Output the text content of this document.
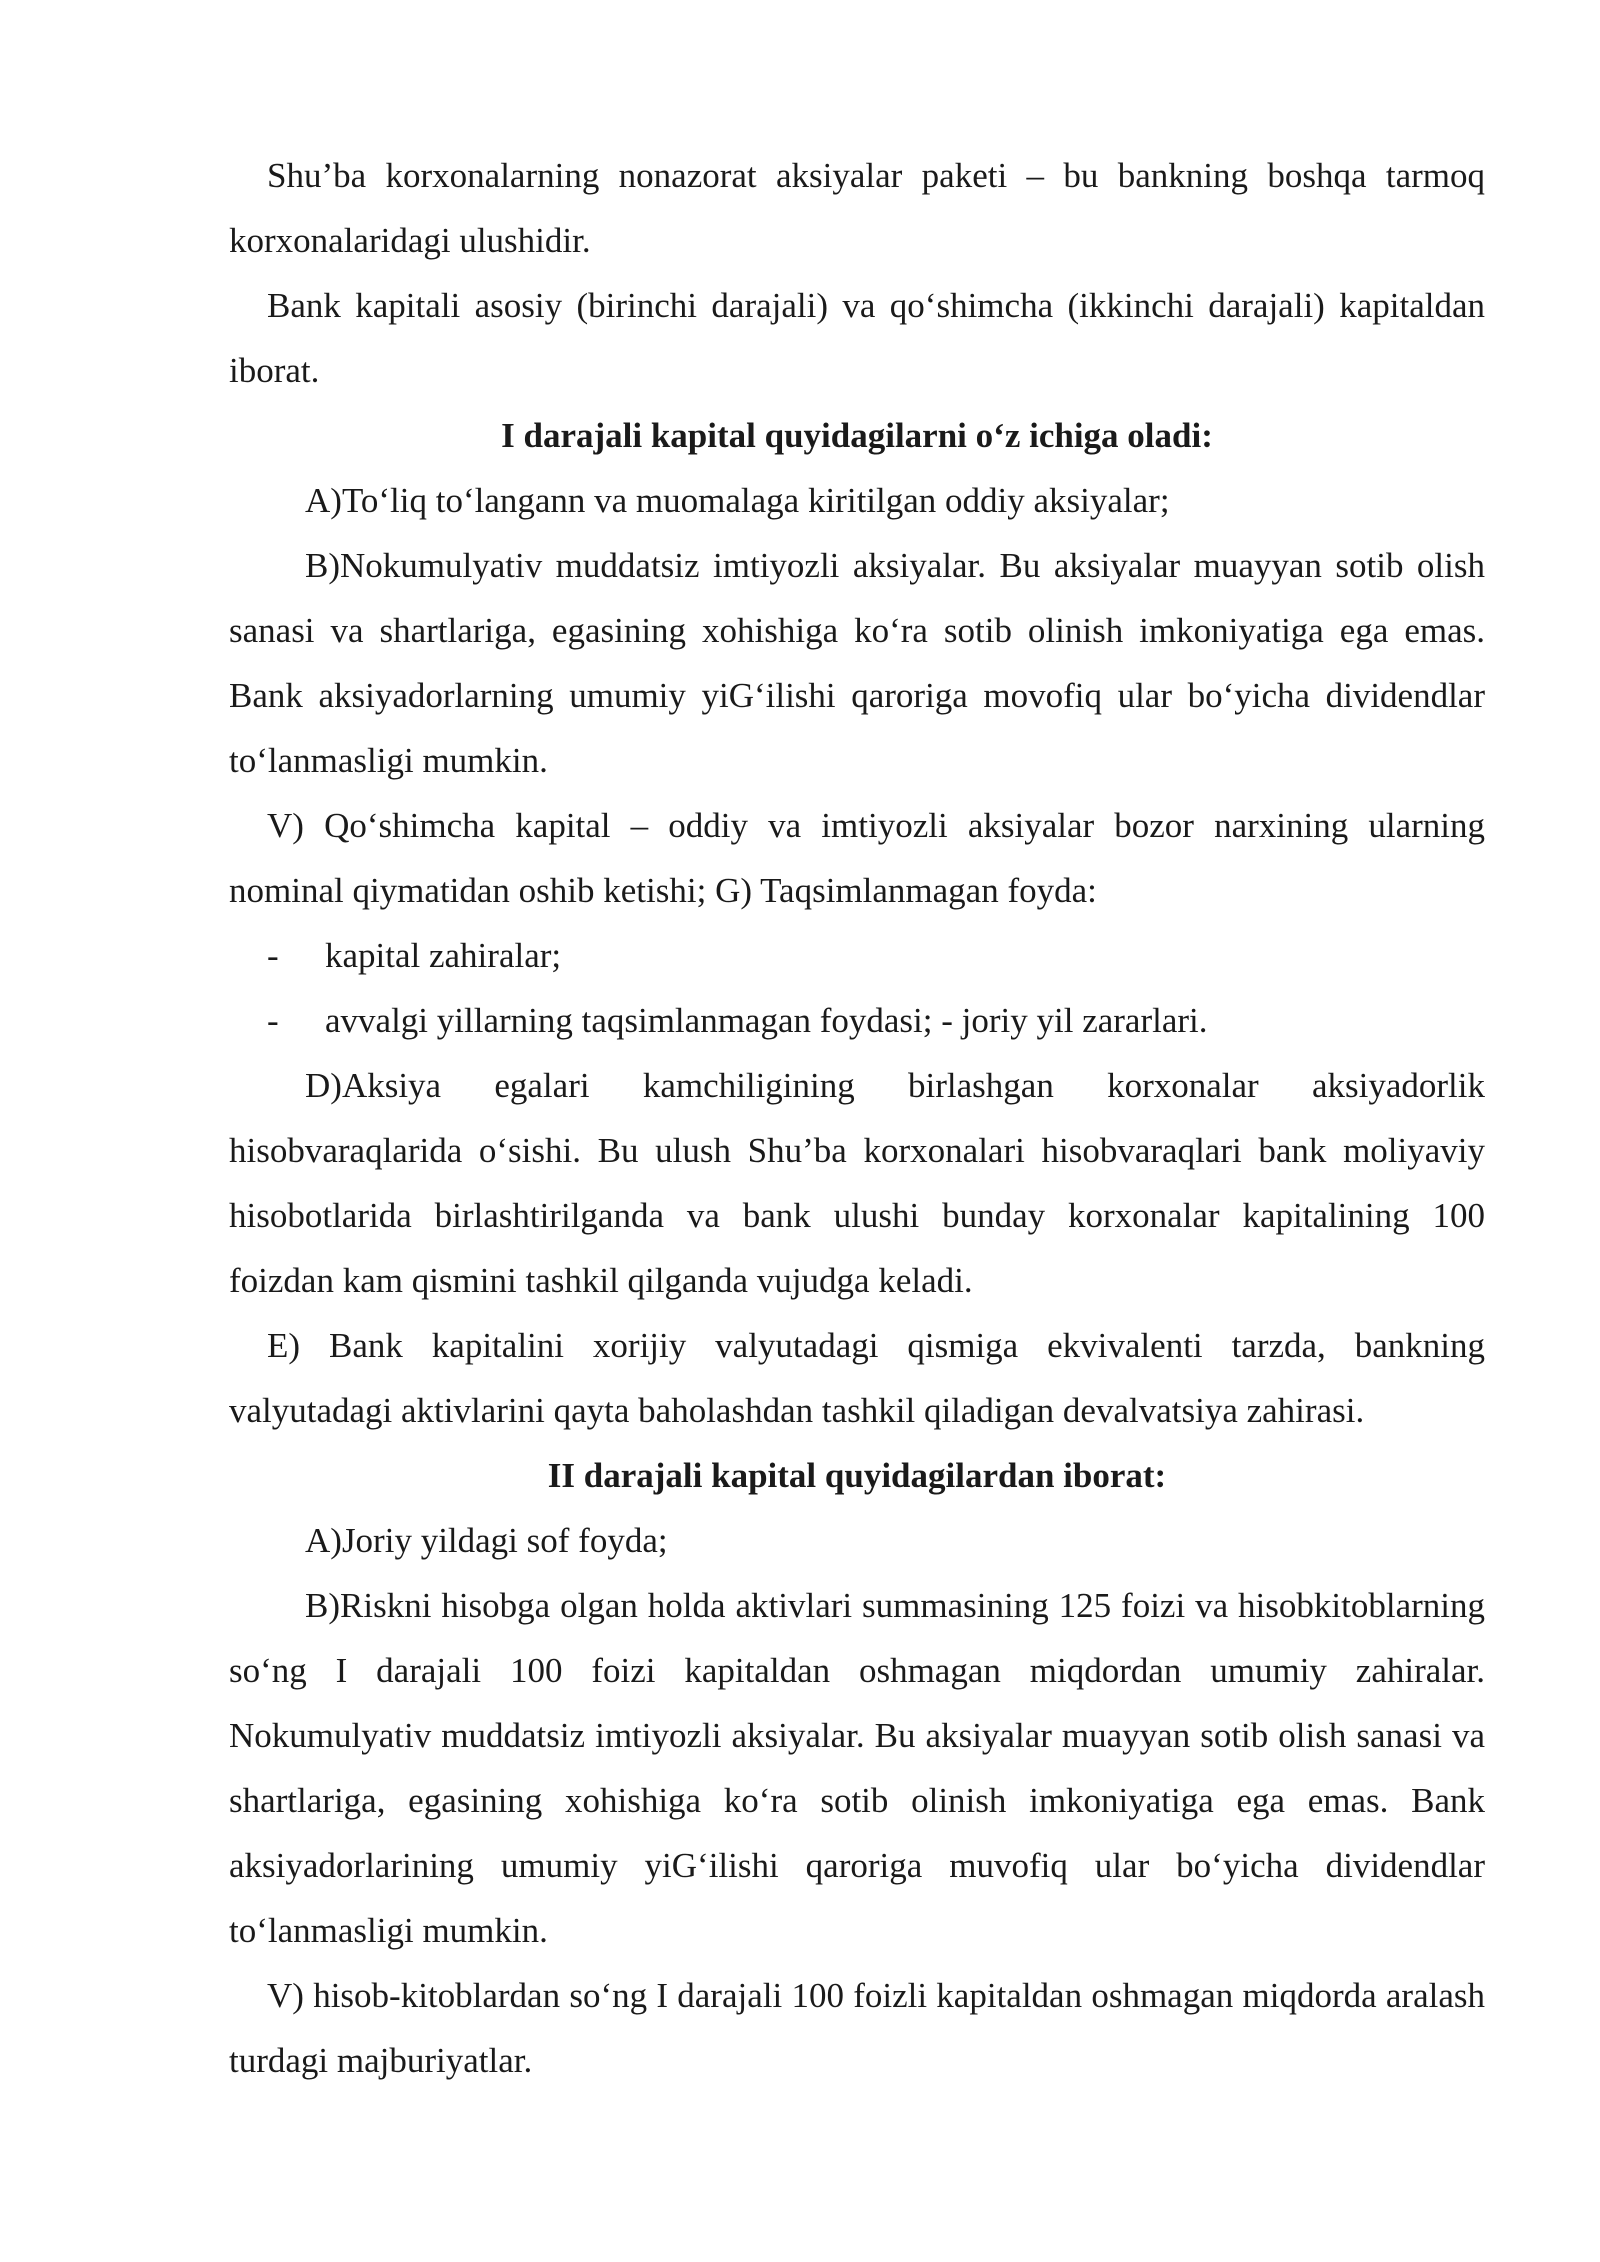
Shu’ba korxonalarning nonazorat aksiyalar paketi – bu bankning boshqa tarmoq korxonalaridagi ulushidir.

Bank kapitali asosiy (birinchi darajali) va qo‘shimcha (ikkinchi darajali) kapitaldan iborat.

I darajali kapital quyidagilarni o‘z ichiga oladi:

A)To‘liq to‘langann va muomalaga kiritilgan oddiy aksiyalar;

B)Nokumulyativ muddatsiz imtiyozli aksiyalar. Bu aksiyalar muayyan sotib olish sanasi va shartlariga, egasining xohishiga ko‘ra sotib olinish imkoniyatiga ega emas. Bank aksiyadorlarning umumiy yiG‘ilishi qaroriga movofiq ular bo‘yicha dividendlar to‘lanmasligi mumkin.

V) Qo‘shimcha kapital – oddiy va imtiyozli aksiyalar bozor narxining ularning nominal qiymatidan oshib ketishi; G) Taqsimlanmagan foyda:

- kapital zahiralar;

- avvalgi yillarning taqsimlanmagan foydasi; - joriy yil zararlari.

D)Aksiya egalari kamchiligining birlashgan korxonalar aksiyadorlik hisobvaraqlarida o‘sishi. Bu ulush Shu’ba korxonalari hisobvaraqlari bank moliyaviy hisobotlarida birlashtirilganda va bank ulushi bunday korxonalar kapitalining 100 foizdan kam qismini tashkil qilganda vujudga keladi.

E) Bank kapitalini xorijiy valyutadagi qismiga ekvivalenti tarzda, bankning valyutadagi aktivlarini qayta baholashdan tashkil qiladigan devalvatsiya zahirasi.

II darajali kapital quyidagilardan iborat:

A)Joriy yildagi sof foyda;

B)Riskni hisobga olgan holda aktivlari summasining 125 foizi va hisobkitoblarning so‘ng I darajali 100 foizi kapitaldan oshmagan miqdordan umumiy zahiralar. Nokumulyativ muddatsiz imtiyozli aksiyalar. Bu aksiyalar muayyan sotib olish sanasi va shartlariga, egasining xohishiga ko‘ra sotib olinish imkoniyatiga ega emas. Bank aksiyadorlarining umumiy yiG‘ilishi qaroriga muvofiq ular bo‘yicha dividendlar to‘lanmasligi mumkin.

V) hisob-kitoblardan so‘ng I darajali 100 foizli kapitaldan oshmagan miqdorda aralash turdagi majburiyatlar.
